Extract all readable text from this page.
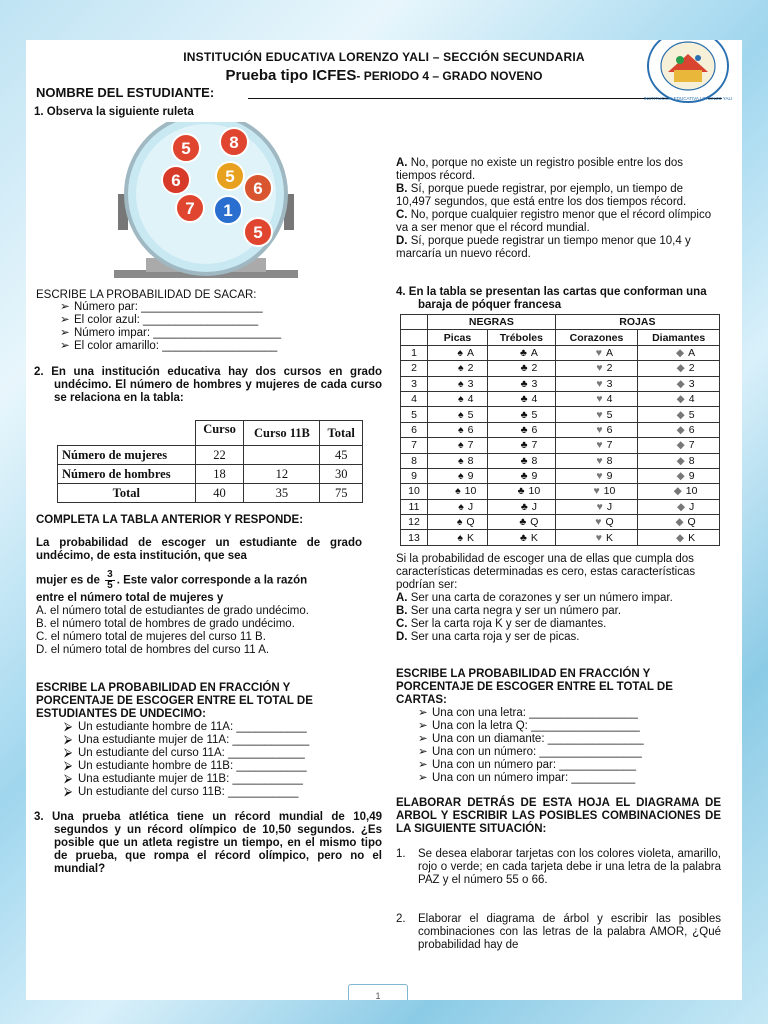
INSTITUCIÓN EDUCATIVA LORENZO YALI – SECCIÓN SECUNDARIA
Prueba tipo ICFES- PERIODO 4 – GRADO NOVENO
NOMBRE DEL ESTUDIANTE:
CIENCIA · PAZ · TRABAJO
INSTITUCIÓN EDUCATIVA LORENZO YALI
1. Observa la siguiente ruleta
5 8
6	5
7
6
1
5
ESCRIBE LA PROBABILIDAD DE SACAR:
➢ Número par: ___________________
➢ El color azul: __________________
➢ Número impar: ____________________
➢ El color amarillo: __________________
2. En una institución educativa hay dos cursos en grado undécimo. El número de hombres y mujeres de cada curso se relaciona en la tabla:
	Curso	Curso 11B	Total
Número de mujeres	22		45
Número de hombres	18	12	30
Total	40	35	75
COMPLETA LA TABLA ANTERIOR Y RESPONDE:
La probabilidad de escoger un estudiante de grado undécimo, de esta institución, que sea
mujer es de $\frac{3}{5}$ . Este valor corresponde a la razón
entre el número total de mujeres y
A. el número total de estudiantes de grado undécimo.
B. el número total de hombres de grado undécimo.
C. el número total de mujeres del curso 11 B.
D. el número total de hombres del curso 11 A.
ESCRIBE LA PROBABILIDAD EN FRACCIÓN Y PORCENTAJE DE ESCOGER ENTRE EL TOTAL DE ESTUDIANTES DE UNDECIMO:
⮚ Un estudiante hombre de 11A: ___________
⮚ Una estudiante mujer de 11A: ____________
⮚ Un estudiante del curso 11A: ____________
⮚ Un estudiante hombre de 11B: ___________
⮚ Una estudiante mujer de 11B: ___________
⮚ Un estudiante del curso 11B: ___________
3. Una prueba atlética tiene un récord mundial de 10,49 segundos y un récord olímpico de 10,50 segundos. ¿Es posible que un atleta registre un tiempo, en el mismo tipo de prueba, que rompa el récord olímpico, pero no el mundial?
A. No, porque no existe un registro posible entre los dos tiempos récord.
B. Sí, porque puede registrar, por ejemplo, un tiempo de 10,497 segundos, que está entre los dos tiempos récord.
C. No, porque cualquier registro menor que el récord olímpico va a ser menor que el récord mundial.
D. Sí, porque puede registrar un tiempo menor que 10,4 y marcaría un nuevo récord.
4. En la tabla se presentan las cartas que conforman una baraja de póquer francesa
	NEGRAS		ROJAS	
	Picas	Tréboles	Corazones	Diamantes
1	♠ A	♣ A	♥ A	◆ A
2	♠ 2	♣ 2	♥ 2	◆ 2
3	♠ 3	♣ 3	♥ 3	◆ 3
4	♠ 4	♣ 4	♥ 4	◆ 4
5	♠ 5	♣ 5	♥ 5	◆ 5
6	♠ 6	♣ 6	♥ 6	◆ 6
7	♠ 7	♣ 7	♥ 7	◆ 7
8	♠ 8	♣ 8	♥ 8	◆ 8
9	♠ 9	♣ 9	♥ 9	◆ 9
10	♠ 10	♣ 10	♥ 10	◆ 10
11	♠ J	♣ J	♥ J	◆ J
12	♠ Q	♣ Q	♥ Q	◆ Q
13	♠ K	♣ K	♥ K	◆ K
Si la probabilidad de escoger una de ellas que cumpla dos características determinadas es cero, estas características podrían ser:
A. Ser una carta de corazones y ser un número impar.
B. Ser una carta negra y ser un número par.
C. Ser la carta roja K y ser de diamantes.
D. Ser una carta roja y ser de picas.
ESCRIBE LA PROBABILIDAD EN FRACCIÓN Y PORCENTAJE DE ESCOGER ENTRE EL TOTAL DE CARTAS:
➢ Una con una letra: _________________
➢ Una con la letra Q: _________________
➢ Una con un diamante: _______________
➢ Una con un número: ________________
➢ Una con un número par: ____________
➢ Una con un número impar: __________
ELABORAR DETRÁS DE ESTA HOJA EL DIAGRAMA DE ARBOL Y ESCRIBIR LAS POSIBLES COMBINACIONES DE LA SIGUIENTE SITUACIÓN:
1. Se desea elaborar tarjetas con los colores violeta, amarillo, rojo o verde; en cada tarjeta debe ir una letra de la palabra PAZ y el número 55 o 66.
2. Elaborar el diagrama de árbol y escribir las posibles combinaciones con las letras de la palabra AMOR, ¿Qué probabilidad hay de
1
